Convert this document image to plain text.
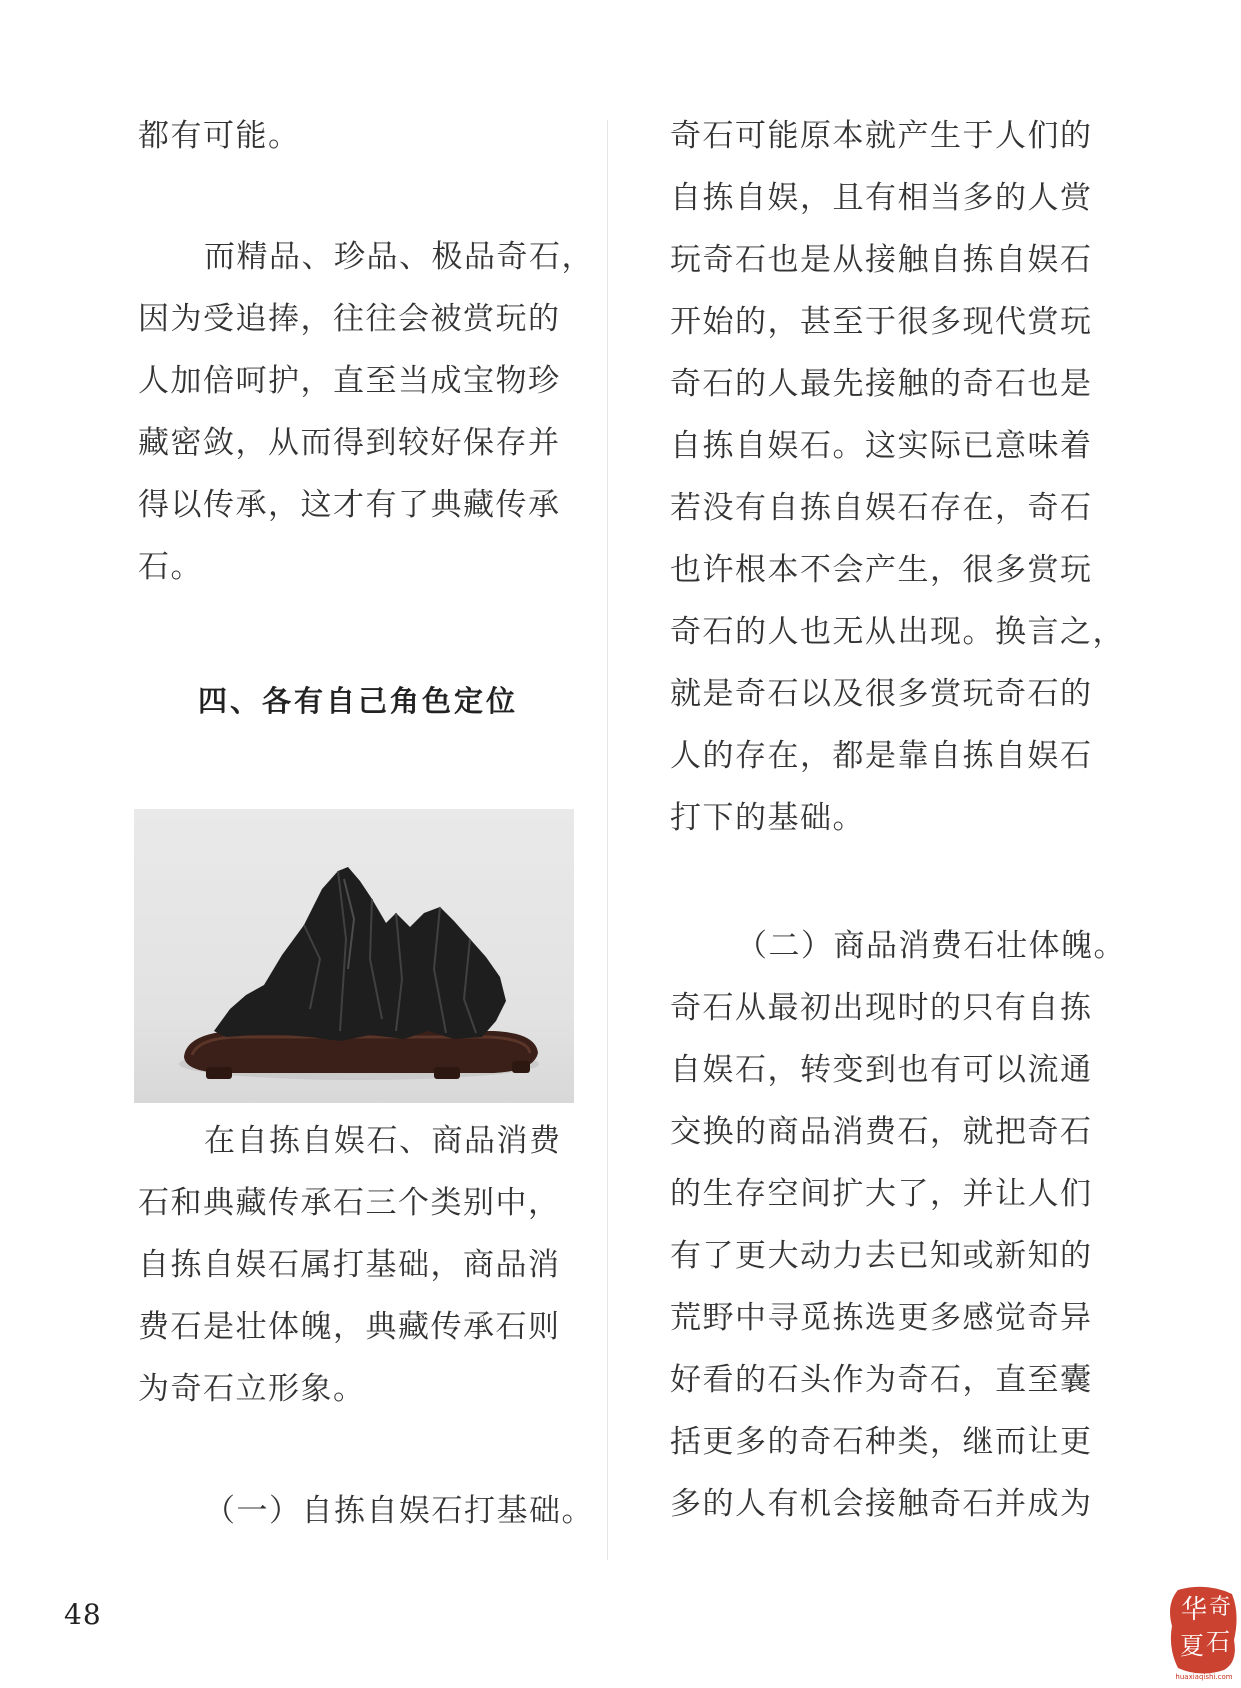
都有可能。
而精品、珍品、极品奇石，
因为受追捧，往往会被赏玩的
人加倍呵护，直至当成宝物珍
藏密敛，从而得到较好保存并
得以传承，这才有了典藏传承
石。
四、各有自己角色定位
在自拣自娱石、商品消费
石和典藏传承石三个类别中，
自拣自娱石属打基础，商品消
费石是壮体魄，典藏传承石则
为奇石立形象。
（一）自拣自娱石打基础。
奇石可能原本就产生于人们的
自拣自娱，且有相当多的人赏
玩奇石也是从接触自拣自娱石
开始的，甚至于很多现代赏玩
奇石的人最先接触的奇石也是
自拣自娱石。这实际已意味着
若没有自拣自娱石存在，奇石
也许根本不会产生，很多赏玩
奇石的人也无从出现。换言之，
就是奇石以及很多赏玩奇石的
人的存在，都是靠自拣自娱石
打下的基础。
（二）商品消费石壮体魄。
奇石从最初出现时的只有自拣
自娱石，转变到也有可以流通
交换的商品消费石，就把奇石
的生存空间扩大了，并让人们
有了更大动力去已知或新知的
荒野中寻觅拣选更多感觉奇异
好看的石头作为奇石，直至囊
括更多的奇石种类，继而让更
多的人有机会接触奇石并成为
48	华 奇
夏 石
huaxiaqishi.com
